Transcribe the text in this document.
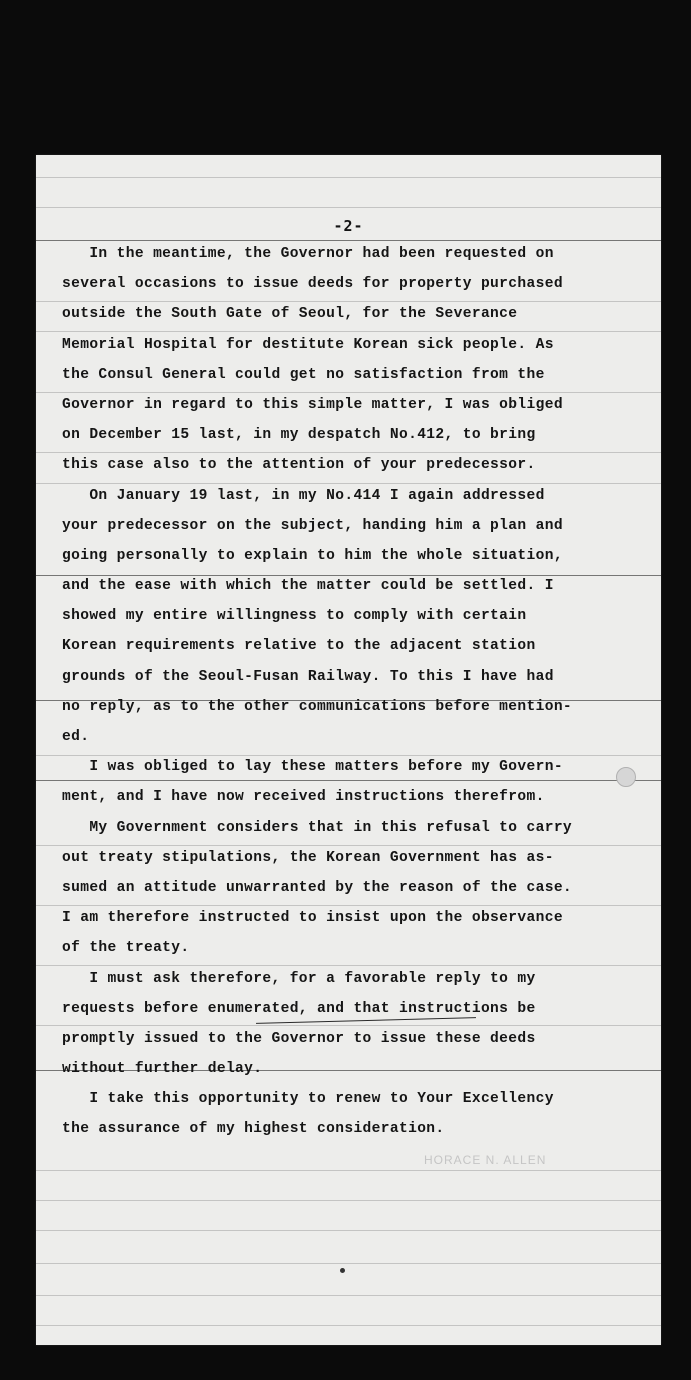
-2-
In the meantime, the Governor had been requested on
several occasions to issue deeds for property purchased
outside the South Gate of Seoul, for the Severance
Memorial Hospital for destitute Korean sick people. As
the Consul General could get no satisfaction from the
Governor in regard to this simple matter, I was obliged
on December 15 last, in my despatch No.412, to bring
this case also to the attention of your predecessor.
On January 19 last, in my No.414 I again addressed
your predecessor on the subject, handing him a plan and
going personally to explain to him the whole situation,
and the ease with which the matter could be settled. I
showed my entire willingness to comply with certain
Korean requirements relative to the adjacent station
grounds of the Seoul-Fusan Railway. To this I have had
no reply, as to the other communications before mention-
ed.
I was obliged to lay these matters before my Govern-
ment, and I have now received instructions therefrom.
My Government considers that in this refusal to carry
out treaty stipulations, the Korean Government has as-
sumed an attitude unwarranted by the reason of the case.
I am therefore instructed to insist upon the observance
of the treaty.
I must ask therefore, for a favorable reply to my
requests before enumerated, and that instructions be
promptly issued to the Governor to issue these deeds
without further delay.
I take this opportunity to renew to Your Excellency
the assurance of my highest consideration.
HORACE N. ALLEN
